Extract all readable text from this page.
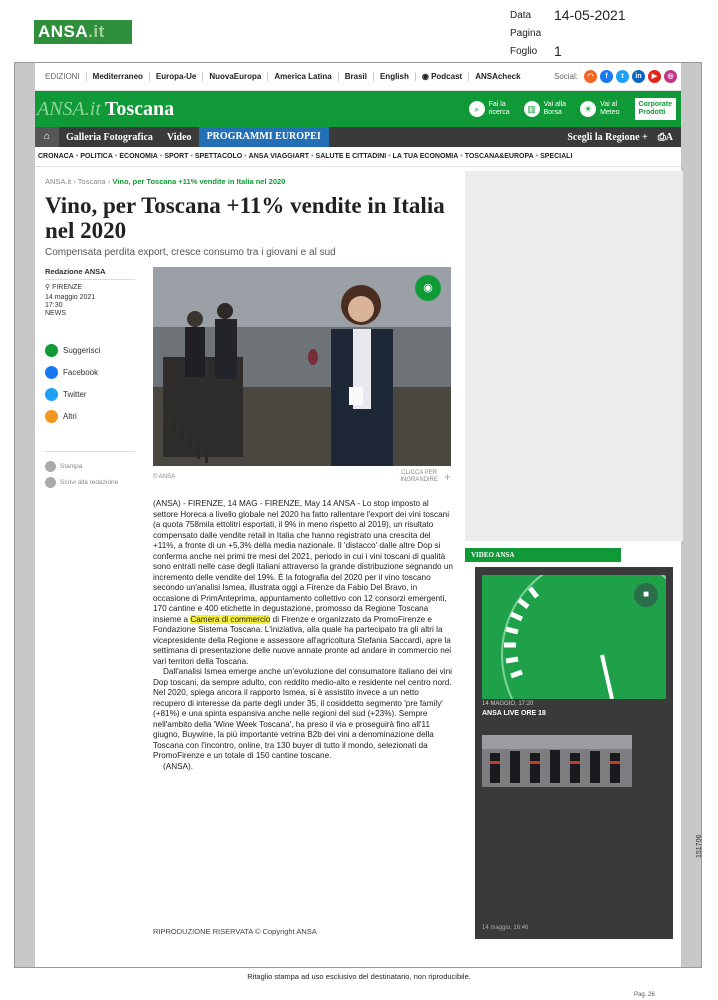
ANSA.it
Data	14-05-2021
Pagina
Foglio	1
EDIZIONI	Mediterraneo	Europa-Ue	NuovaEuropa	America Latina	Brasil	English	◉ Podcast	ANSAcheck	Social:	◠	f	t	in	▶	◎
ANSA.it Toscana	⌕	Fai la
ricerca	▥	Vai alla
Borsa	☀	Vai al
Meteo
Corporate
Prodotti
⌂	Galleria Fotografica	Video	PROGRAMMI EUROPEI	Scegli la Regione + ⎙A
CRONACA • POLITICA • ECONOMIA • SPORT • SPETTACOLO • ANSA VIAGGIART • SALUTE E CITTADINI • LA TUA ECONOMIA • TOSCANA&EUROPA • SPECIALI
ANSA.it › Toscana › Vino, per Toscana +11% vendite in Italia nel 2020
Vino, per Toscana +11% vendite in Italia nel 2020
Compensata perdita export, cresce consumo tra i giovani e al sud
Redazione ANSA
⚲ FIRENZE
14 maggio 2021
17:30
NEWS
Suggerisci
Facebook
Twitter
Altri
Stampa
Scrivi alla redazione
◉
© ANSA
CLICCA PER
INGRANDIRE +

(ANSA) - FIRENZE, 14 MAG - FIRENZE, May 14 ANSA - Lo stop imposto al settore Horeca a livello globale nel 2020 ha fatto rallentare l'export dei vini toscani (a quota 758mila ettolitri esportati, il 9% in meno rispetto al 2019), un risultato compensato dalle vendite retail in Italia che hanno registrato una crescita del +11%, a fronte di un +5,3% della media nazionale. Il 'distacco' dalle altre Dop si conferma anche nei primi tre mesi del 2021, periodo in cui i vini toscani di qualità sono entrati nelle case degli italiani attraverso la grande distribuzione segnando un incremento delle vendite del 19%. È la fotografia del 2020 per il vino toscano secondo un'analisi Ismea, illustrata oggi a Firenze da Fabio Del Bravo, in occasione di PrimAnteprima, appuntamento collettivo con 12 consorzi emergenti, 170 cantine e 400 etichette in degustazione, promosso da Regione Toscana insieme a Camera di commercio di Firenze e organizzato da PromoFirenze e Fondazione Sistema Toscana. L'iniziativa, alla quale ha partecipato tra gli altri la vicepresidente della Regione e assessore all'agricoltura Stefania Saccardi, apre la settimana di presentazione delle nuove annate pronte ad andare in commercio nei vari territori della Toscana.

Dall'analisi Ismea emerge anche un'evoluzione del consumatore italiano dei vini Dop toscani, da sempre adulto, con reddito medio-alto e residente nel centro nord. Nel 2020, spiega ancora il rapporto Ismea, si è assistito invece a un netto recupero di interesse da parte degli under 35, il cosiddetto segmento 'pre family' (+81%) e una spinta espansiva anche nelle regioni del sud (+23%). Sempre nell'ambito della 'Wine Week Toscana', ha preso il via e proseguirà fino all'11 giugno, Buywine, la più importante vetrina B2b dei vini a denominazione della Toscana con l'incontro, online, tra 130 buyer di tutto il mondo, selezionati da PromoFirenze e un totale di 150 cantine toscane.

(ANSA).

RIPRODUZIONE RISERVATA © Copyright ANSA
VIDEO ANSA
■
14 MAGGIO, 17:20
ANSA LIVE ORE 18
14 maggio, 16:46
Ritaglio stampa ad uso esclusivo del destinatario, non riproducibile.
Pag. 26
151706
